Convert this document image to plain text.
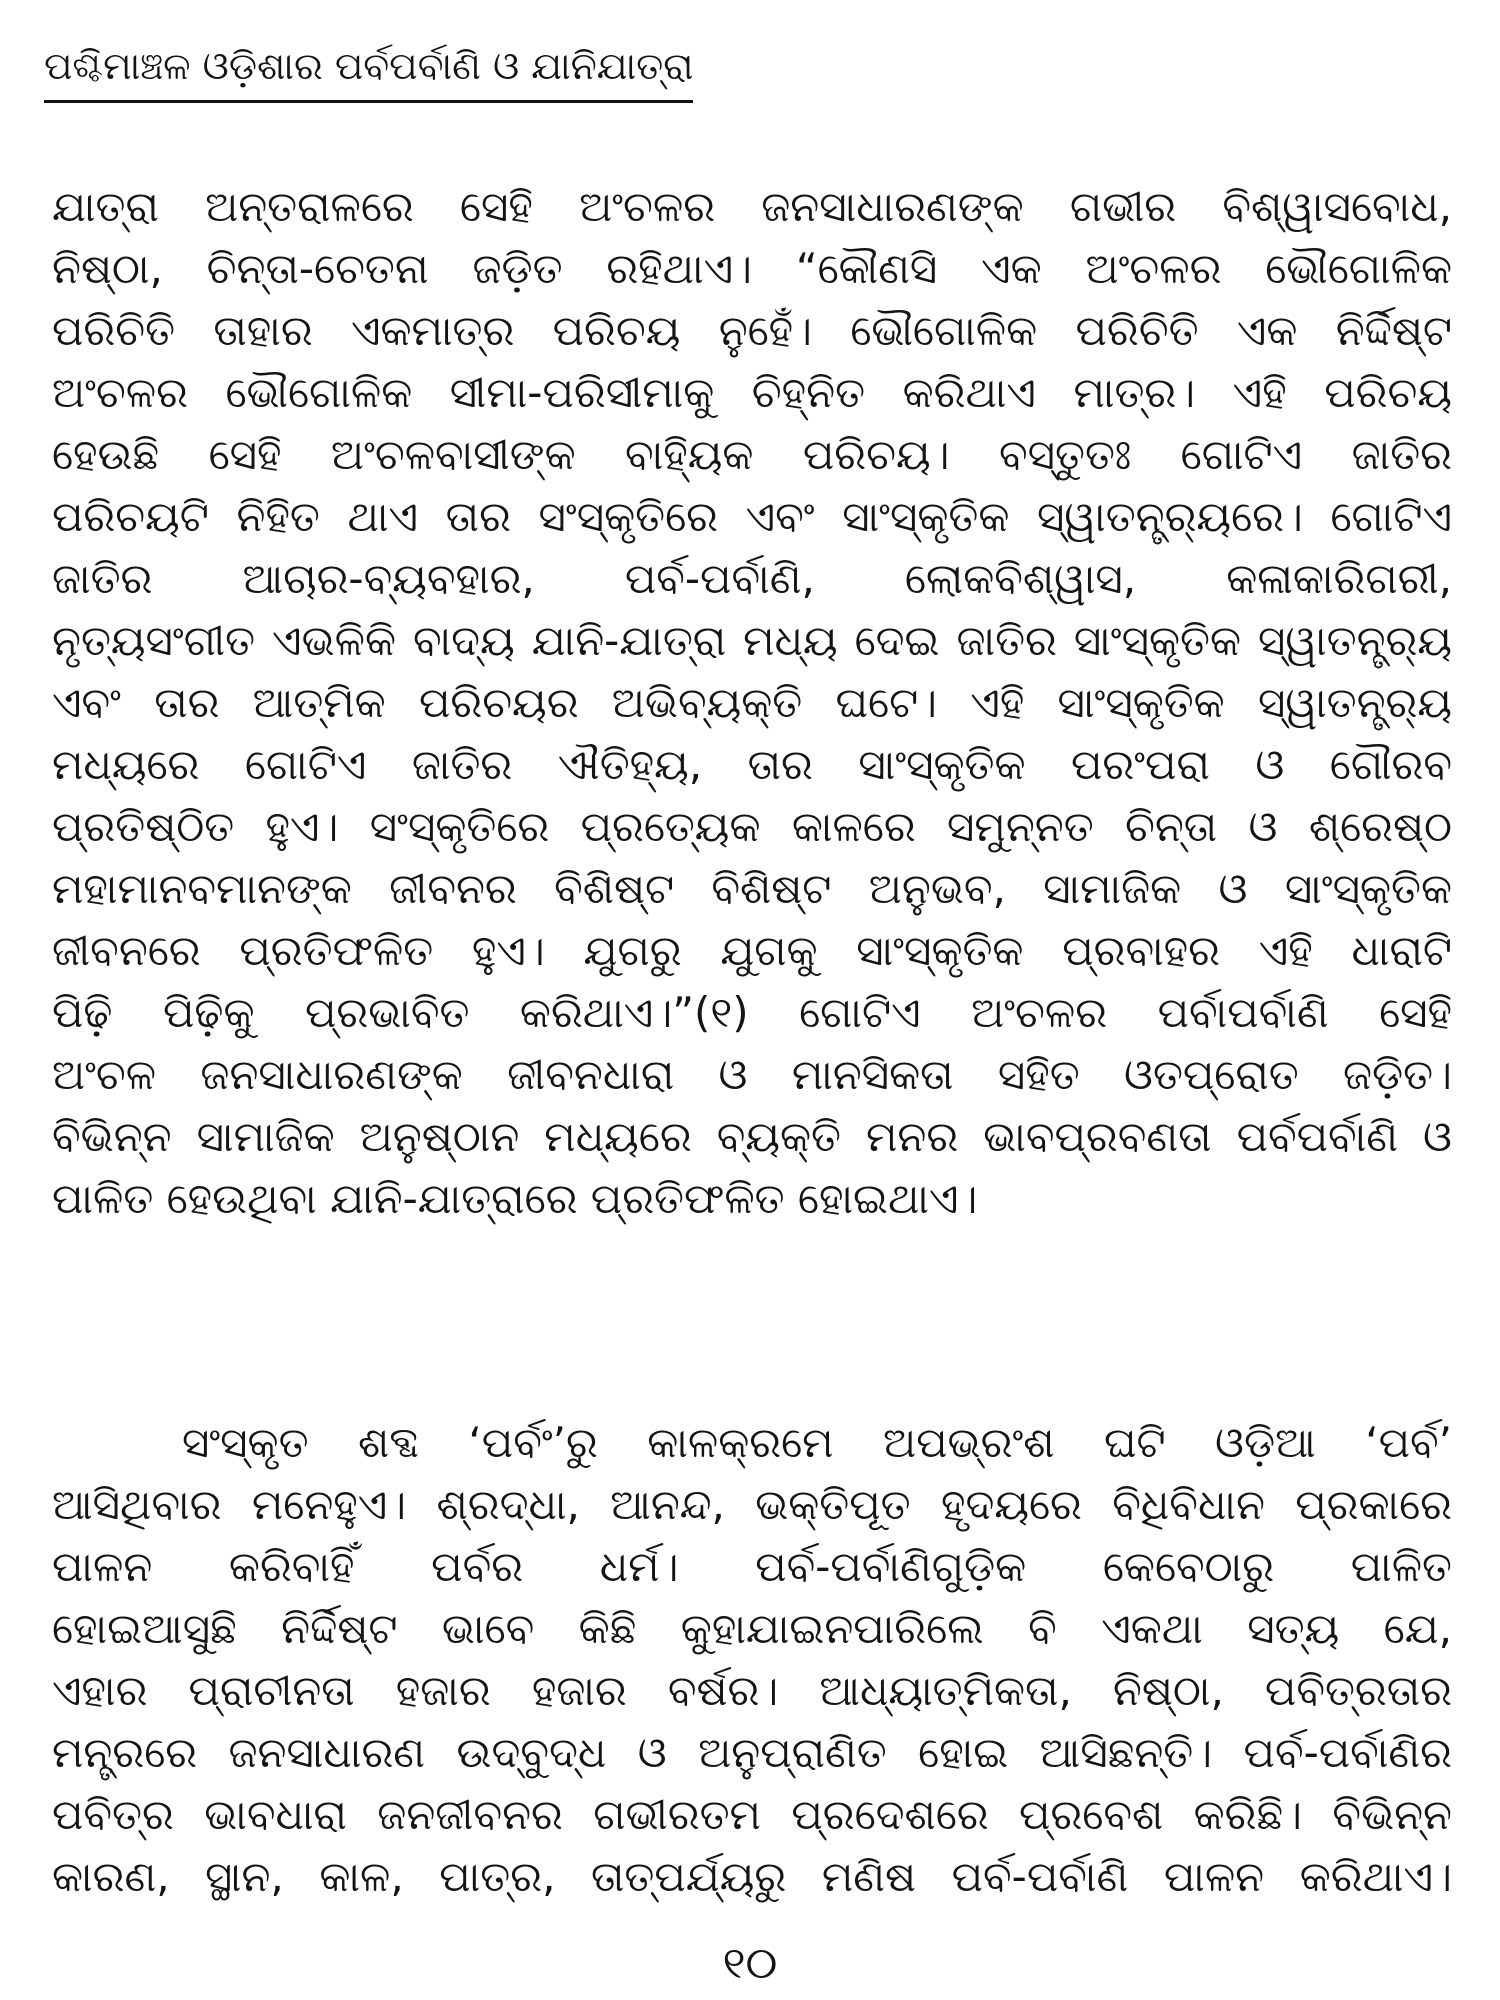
ପଶ୍ଚିମାଞ୍ଚଳ ଓଡ଼ିଶାର ପର୍ବପର୍ବାଣି ଓ ଯାନିଯାତ୍ରା
ଯାତ୍ରା ଅନ୍ତରାଳରେ ସେହି ଅଂଚଳର ଜନସାଧାରଣଙ୍କ ଗଭୀର ବିଶ୍ୱାସବୋଧ,
ନିଷ୍ଠା, ଚିନ୍ତା-ଚେତନା ଜଡ଼ିତ ରହିଥାଏ। “କୌଣସି ଏକ ଅଂଚଳର ଭୌଗୋଳିକ
ପରିଚିତି ତାହାର ଏକମାତ୍ର ପରିଚୟ ନୁହେଁ। ଭୌଗୋଳିକ ପରିଚିତି ଏକ ନିର୍ଦ୍ଦିଷ୍ଟ
ଅଂଚଳର ଭୌଗୋଳିକ ସୀମା-ପରିସୀମାକୁ ଚିହ୍ନିତ କରିଥାଏ ମାତ୍ର। ଏହି ପରିଚୟ
ହେଉଛି ସେହି ଅଂଚଳବାସୀଙ୍କ ବାହ୍ୟିକ ପରିଚୟ। ବସ୍ତୁତଃ ଗୋଟିଏ ଜାତିର
ପରିଚୟଟି ନିହିତ ଥାଏ ତାର ସଂସ୍କୃତିରେ ଏବଂ ସାଂସ୍କୃତିକ ସ୍ୱାତନ୍ତ୍ର୍ୟରେ। ଗୋଟିଏ
ଜାତିର ଆଚାର-ବ୍ୟବହାର, ପର୍ବ-ପର୍ବାଣି, ଲୋକବିଶ୍ୱାସ, କଳାକାରିଗରୀ,
ନୃତ୍ୟସଂଗୀତ ଏଭଳିକି ବାଦ୍ୟ ଯାନି-ଯାତ୍ରା ମଧ୍ୟ ଦେଇ ଜାତିର ସାଂସ୍କୃତିକ ସ୍ୱାତନ୍ତ୍ର୍ୟ
ଏବଂ ତାର ଆତ୍ମିକ ପରିଚୟର ଅଭିବ୍ୟକ୍ତି ଘଟେ। ଏହି ସାଂସ୍କୃତିକ ସ୍ୱାତନ୍ତ୍ର୍ୟ
ମଧ୍ୟରେ ଗୋଟିଏ ଜାତିର ଐତିହ୍ୟ, ତାର ସାଂସ୍କୃତିକ ପରଂପରା ଓ ଗୌରବ
ପ୍ରତିଷ୍ଠିତ ହୁଏ। ସଂସ୍କୃତିରେ ପ୍ରତ୍ୟେକ କାଳରେ ସମୁନ୍ନତ ଚିନ୍ତା ଓ ଶ୍ରେଷ୍ଠ
ମହାମାନବମାନଙ୍କ ଜୀବନର ବିଶିଷ୍ଟ ବିଶିଷ୍ଟ ଅନୁଭବ, ସାମାଜିକ ଓ ସାଂସ୍କୃତିକ
ଜୀବନରେ ପ୍ରତିଫଳିତ ହୁଏ। ଯୁଗରୁ ଯୁଗକୁ ସାଂସ୍କୃତିକ ପ୍ରବାହର ଏହି ଧାରାଟି
ପିଢ଼ି ପିଢ଼ିକୁ ପ୍ରଭାବିତ କରିଥାଏ।”(୧) ଗୋଟିଏ ଅଂଚଳର ପର୍ବାପର୍ବାଣି ସେହି
ଅଂଚଳ ଜନସାଧାରଣଙ୍କ ଜୀବନଧାରା ଓ ମାନସିକତା ସହିତ ଓତପ୍ରୋତ ଜଡ଼ିତ।
ବିଭିନ୍ନ ସାମାଜିକ ଅନୁଷ୍ଠାନ ମଧ୍ୟରେ ବ୍ୟକ୍ତି ମନର ଭାବପ୍ରବଣତା ପର୍ବପର୍ବାଣି ଓ
ପାଳିତ ହେଉଥିବା ଯାନି-ଯାତ୍ରାରେ ପ୍ରତିଫଳିତ ହୋଇଥାଏ।
ସଂସ୍କୃତ ଶବ୍ଦ ‘ପର୍ବଂ’ରୁ କାଳକ୍ରମେ ଅପଭ୍ରଂଶ ଘଟି ଓଡ଼ିଆ ‘ପର୍ବ’
ଆସିଥିବାର ମନେହୁଏ। ଶ୍ରଦ୍ଧା, ଆନନ୍ଦ, ଭକ୍ତିପୂତ ହୃଦୟରେ ବିଧିବିଧାନ ପ୍ରକାରେ
ପାଳନ କରିବାହିଁ ପର୍ବର ଧର୍ମ। ପର୍ବ-ପର୍ବାଣିଗୁଡ଼ିକ କେବେଠାରୁ ପାଳିତ
ହୋଇଆସୁଛି ନିର୍ଦ୍ଦିଷ୍ଟ ଭାବେ କିଛି କୁହାଯାଇନପାରିଲେ ବି ଏକଥା ସତ୍ୟ ଯେ,
ଏହାର ପ୍ରାଚୀନତା ହଜାର ହଜାର ବର୍ଷର। ଆଧ୍ୟାତ୍ମିକତା, ନିଷ୍ଠା, ପବିତ୍ରତାର
ମନ୍ତ୍ରରେ ଜନସାଧାରଣ ଉଦ୍‌ବୁଦ୍ଧ ଓ ଅନୁପ୍ରାଣିତ ହୋଇ ଆସିଛନ୍ତି। ପର୍ବ-ପର୍ବାଣିର
ପବିତ୍ର ଭାବଧାରା ଜନଜୀବନର ଗଭୀରତମ ପ୍ରଦେଶରେ ପ୍ରବେଶ କରିଛି। ବିଭିନ୍ନ
କାରଣ, ସ୍ଥାନ, କାଳ, ପାତ୍ର, ତାତ୍ପର୍ଯ୍ୟରୁ ମଣିଷ ପର୍ବ-ପର୍ବାଣି ପାଳନ କରିଥାଏ।
୧୦
